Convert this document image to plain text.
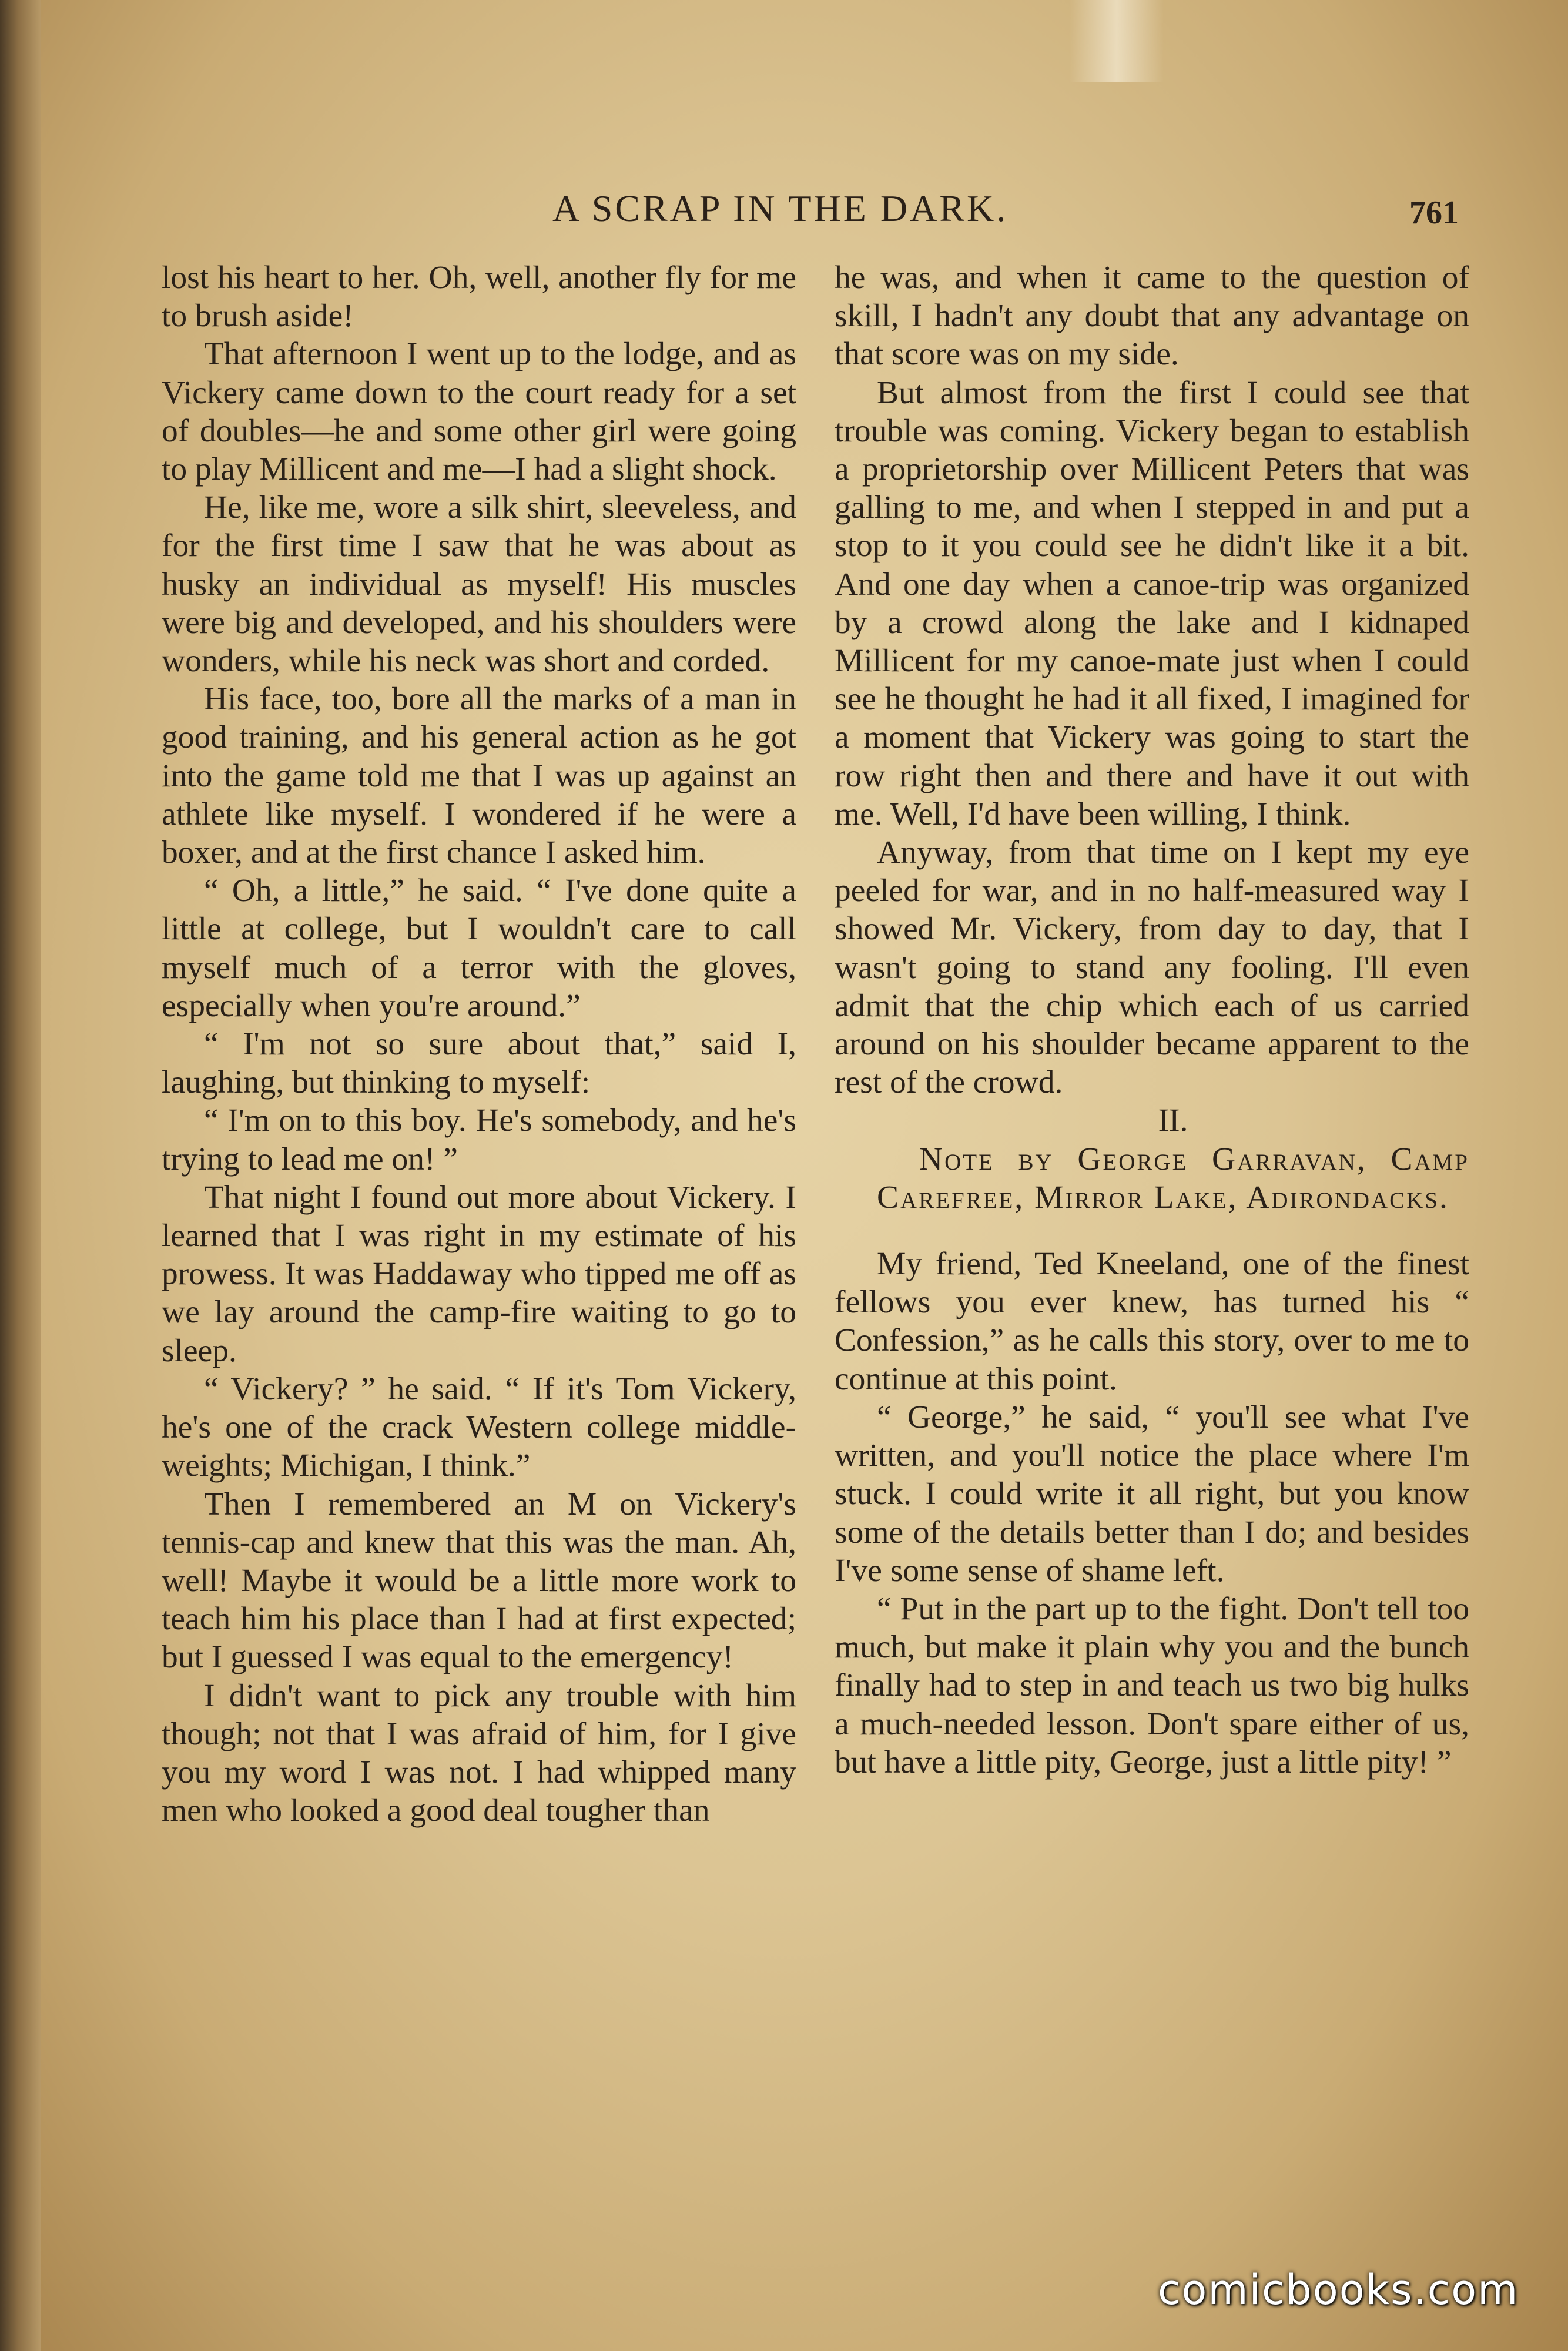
A SCRAP IN THE DARK.	761

lost his heart to her. Oh, well, another fly for me to brush aside!

That afternoon I went up to the lodge, and as Vickery came down to the court ready for a set of doubles—he and some other girl were going to play Millicent and me—I had a slight shock.

He, like me, wore a silk shirt, sleeveless, and for the first time I saw that he was about as husky an individual as myself! His muscles were big and developed, and his shoulders were wonders, while his neck was short and corded.

His face, too, bore all the marks of a man in good training, and his general action as he got into the game told me that I was up against an athlete like myself. I wondered if he were a boxer, and at the first chance I asked him.

“ Oh, a little,” he said. “ I've done quite a little at college, but I wouldn't care to call myself much of a terror with the gloves, especially when you're around.”

“ I'm not so sure about that,” said I, laughing, but thinking to myself:

“ I'm on to this boy. He's somebody, and he's trying to lead me on! ”

That night I found out more about Vickery. I learned that I was right in my estimate of his prowess. It was Haddaway who tipped me off as we lay around the camp-fire waiting to go to sleep.

“ Vickery? ” he said. “ If it's Tom Vickery, he's one of the crack Western college middle-weights; Michigan, I think.”

Then I remembered an M on Vickery's tennis-cap and knew that this was the man. Ah, well! Maybe it would be a little more work to teach him his place than I had at first expected; but I guessed I was equal to the emergency!

I didn't want to pick any trouble with him though; not that I was afraid of him, for I give you my word I was not. I had whipped many men who looked a good deal tougher than

he was, and when it came to the question of skill, I hadn't any doubt that any advantage on that score was on my side.

But almost from the first I could see that trouble was coming. Vickery began to establish a proprietorship over Millicent Peters that was galling to me, and when I stepped in and put a stop to it you could see he didn't like it a bit. And one day when a canoe-trip was organized by a crowd along the lake and I kidnaped Millicent for my canoe-mate just when I could see he thought he had it all fixed, I imagined for a moment that Vickery was going to start the row right then and there and have it out with me. Well, I'd have been willing, I think.

Anyway, from that time on I kept my eye peeled for war, and in no half-measured way I showed Mr. Vickery, from day to day, that I wasn't going to stand any fooling. I'll even admit that the chip which each of us carried around on his shoulder became apparent to the rest of the crowd.

II.

Note by George Garravan, Camp Carefree, Mirror Lake, Adirondacks.

My friend, Ted Kneeland, one of the finest fellows you ever knew, has turned his “ Confession,” as he calls this story, over to me to continue at this point.

“ George,” he said, “ you'll see what I've written, and you'll notice the place where I'm stuck. I could write it all right, but you know some of the details better than I do; and besides I've some sense of shame left.

“ Put in the part up to the fight. Don't tell too much, but make it plain why you and the bunch finally had to step in and teach us two big hulks a much-needed lesson. Don't spare either of us, but have a little pity, George, just a little pity! ”

comicbooks.com
